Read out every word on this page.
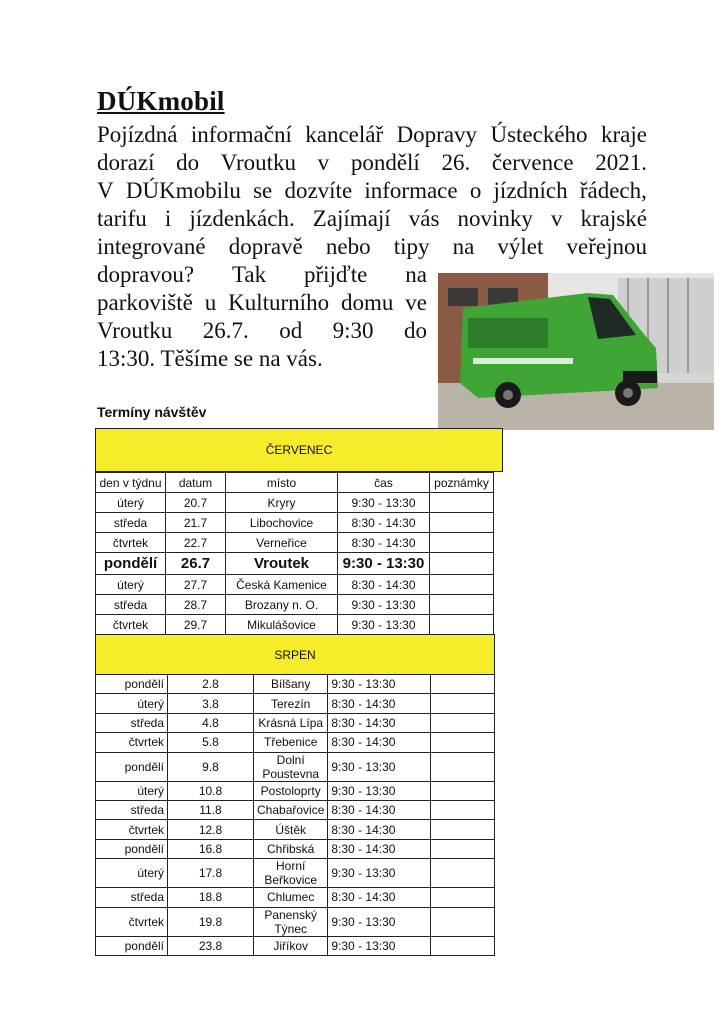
DÚKmobil
Pojízdná informační kancelář Dopravy Ústeckého kraje
dorazí do Vroutku v pondělí 26. července 2021.
V DÚKmobilu se dozvíte informace o jízdních řádech,
tarifu i jízdenkách. Zajímají vás novinky v krajské
integrované dopravě nebo tipy na výlet veřejnou
dopravou? Tak přijďte na
parkoviště u Kulturního domu ve
Vroutku 26.7. od 9:30 do
13:30. Těšíme se na vás.
Termíny návštěv
ČERVENEC
den v týdnu	datum	místo	čas	poznámky
úterý	20.7	Kryry	9:30 - 13:30	
středa	21.7	Libochovice	8:30 - 14:30	
čtvrtek	22.7	Verneřice	8:30 - 14:30	
pondělí	26.7	Vroutek	9:30 - 13:30	
úterý	27.7	Česká Kamenice	8:30 - 14:30	
středa	28.7	Brozany n. O.	9:30 - 13:30	
čtvrtek	29.7	Mikulášovice	9:30 - 13:30	
SRPEN
pondělí	2.8	Bílšany	9:30 - 13:30	
úterý	3.8	Terezín	8:30 - 14:30	
středa	4.8	Krásná Lípa	8:30 - 14:30	
čtvrtek	5.8	Třebenice	8:30 - 14:30	
pondělí	9.8	Dolní Poustevna	9:30 - 13:30	
úterý	10.8	Postoloprty	9:30 - 13:30	
středa	11.8	Chabařovice	8:30 - 14:30	
čtvrtek	12.8	Úštěk	8:30 - 14:30	
pondělí	16.8	Chřibská	8:30 - 14:30	
úterý	17.8	Horní Beřkovice	9:30 - 13:30	
středa	18.8	Chlumec	8:30 - 14:30	
čtvrtek	19.8	Panenský Týnec	9:30 - 13:30	
pondělí	23.8	Jiříkov	9:30 - 13:30	
